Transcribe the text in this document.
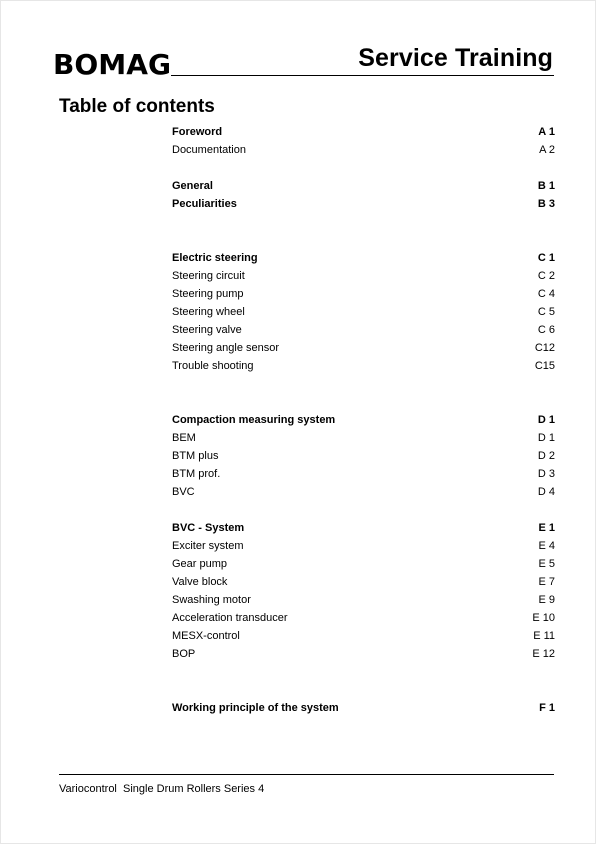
BOMAG	Service Training
Table of contents
Foreword	A 1
Documentation	A 2
General	B 1
Peculiarities	B 3
Electric steering	C 1
Steering circuit	C 2
Steering pump	C 4
Steering wheel	C 5
Steering valve	C 6
Steering angle sensor	C12
Trouble shooting	C15
Compaction measuring system	D 1
BEM	D 1
BTM plus	D 2
BTM prof.	D 3
BVC	D 4
BVC - System	E 1
Exciter system	E 4
Gear pump	E 5
Valve block	E 7
Swashing motor	E 9
Acceleration transducer	E 10
MESX-control	E 11
BOP	E 12
Working principle of the system	F 1
Variocontrol  Single Drum Rollers Series 4
